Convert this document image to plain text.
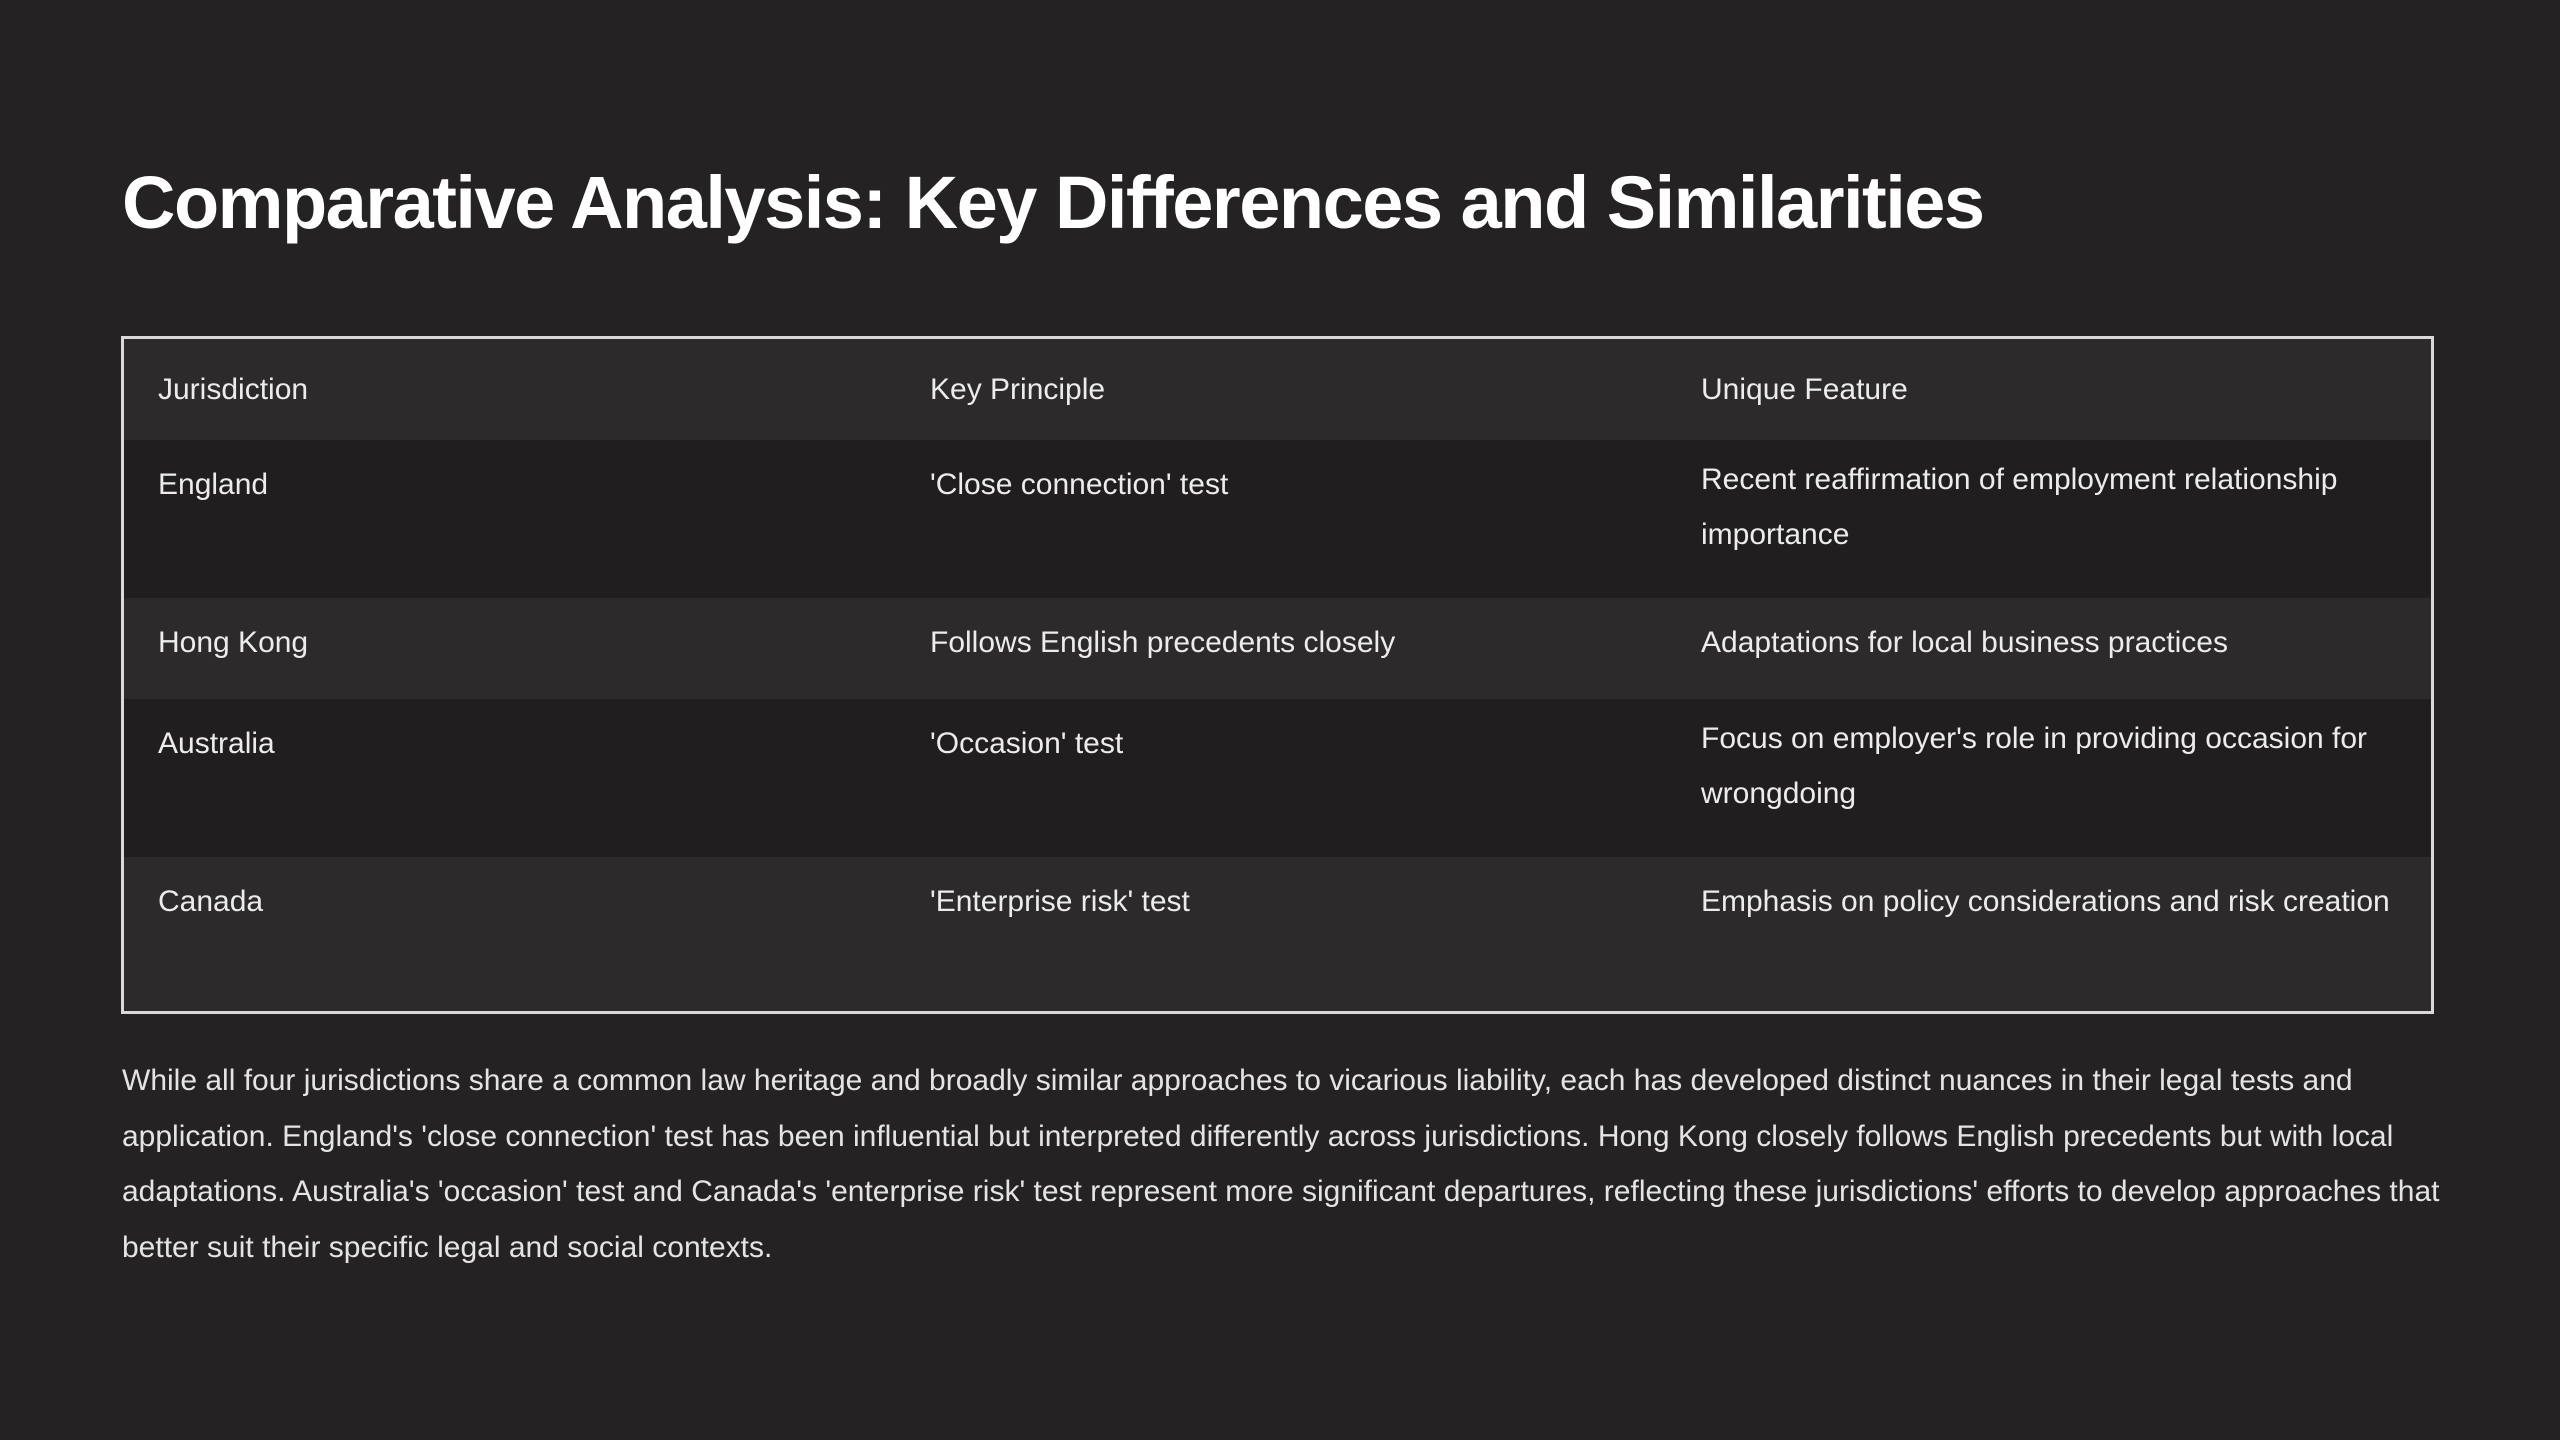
Comparative Analysis: Key Differences and Similarities
Jurisdiction	Key Principle	Unique Feature
England	'Close connection' test	Recent reaffirmation of employment relationship importance
Hong Kong	Follows English precedents closely	Adaptations for local business practices
Australia	'Occasion' test	Focus on employer's role in providing occasion for wrongdoing
Canada	'Enterprise risk' test	Emphasis on policy considerations and risk creation

While all four jurisdictions share a common law heritage and broadly similar approaches to vicarious liability, each has developed distinct nuances in their legal tests and application. England's 'close connection' test has been influential but interpreted differently across jurisdictions. Hong Kong closely follows English precedents but with local adaptations. Australia's 'occasion' test and Canada's 'enterprise risk' test represent more significant departures, reflecting these jurisdictions' efforts to develop approaches that better suit their specific legal and social contexts.
